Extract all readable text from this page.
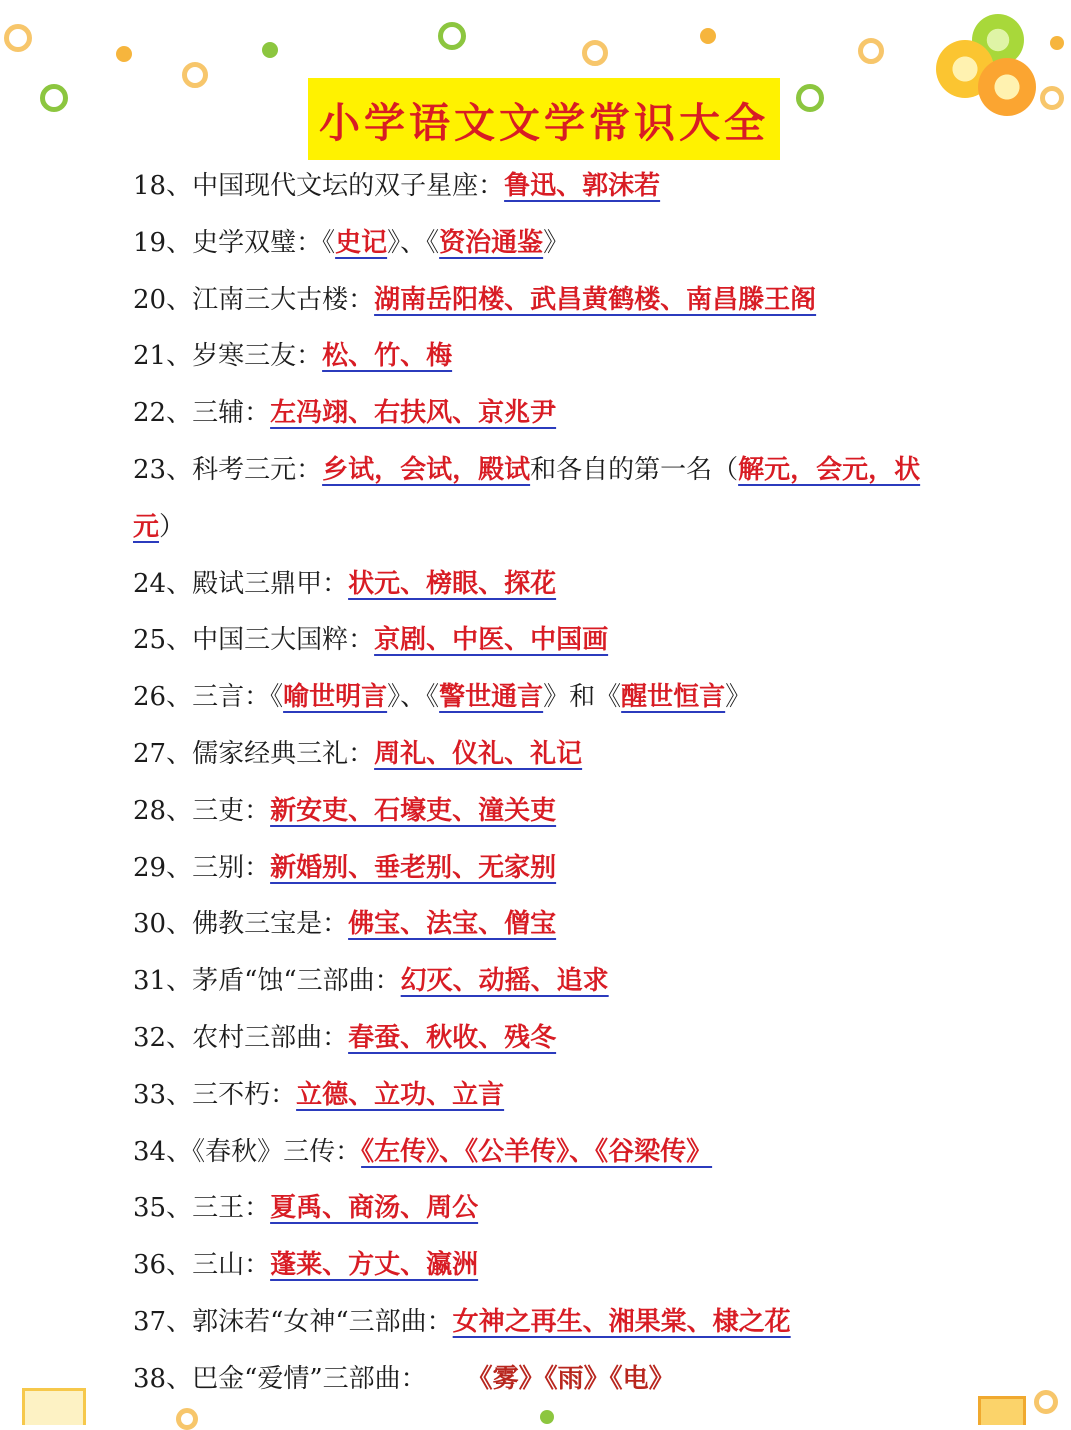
小学语文文学常识大全
18、中国现代文坛的双子星座：鲁迅、郭沫若
19、史学双璧：《史记》、《资治通鉴》
20、江南三大古楼：湖南岳阳楼、武昌黄鹤楼、南昌滕王阁
21、岁寒三友：松、竹、梅
22、三辅：左冯翊、右扶风、京兆尹
23、科考三元：乡试，会试，殿试和各自的第一名（解元，会元，状
元）
24、殿试三鼎甲：状元、榜眼、探花
25、中国三大国粹：京剧、中医、中国画
26、三言：《喻世明言》、《警世通言》和《醒世恒言》
27、儒家经典三礼：周礼、仪礼、礼记
28、三吏：新安吏、石壕吏、潼关吏
29、三别：新婚别、垂老别、无家别
30、佛教三宝是：佛宝、法宝、僧宝
31、茅盾“蚀“三部曲：幻灭、动摇、追求
32、农村三部曲：春蚕、秋收、残冬
33、三不朽：立德、立功、立言
34、《春秋》三传：《左传》、《公羊传》、《谷梁传》
35、三王：夏禹、商汤、周公
36、三山：蓬莱、方丈、瀛洲
37、郭沫若“女神“三部曲：女神之再生、湘果棠、棣之花
38、巴金“爱情”三部曲： 《雾》《雨》《电》
